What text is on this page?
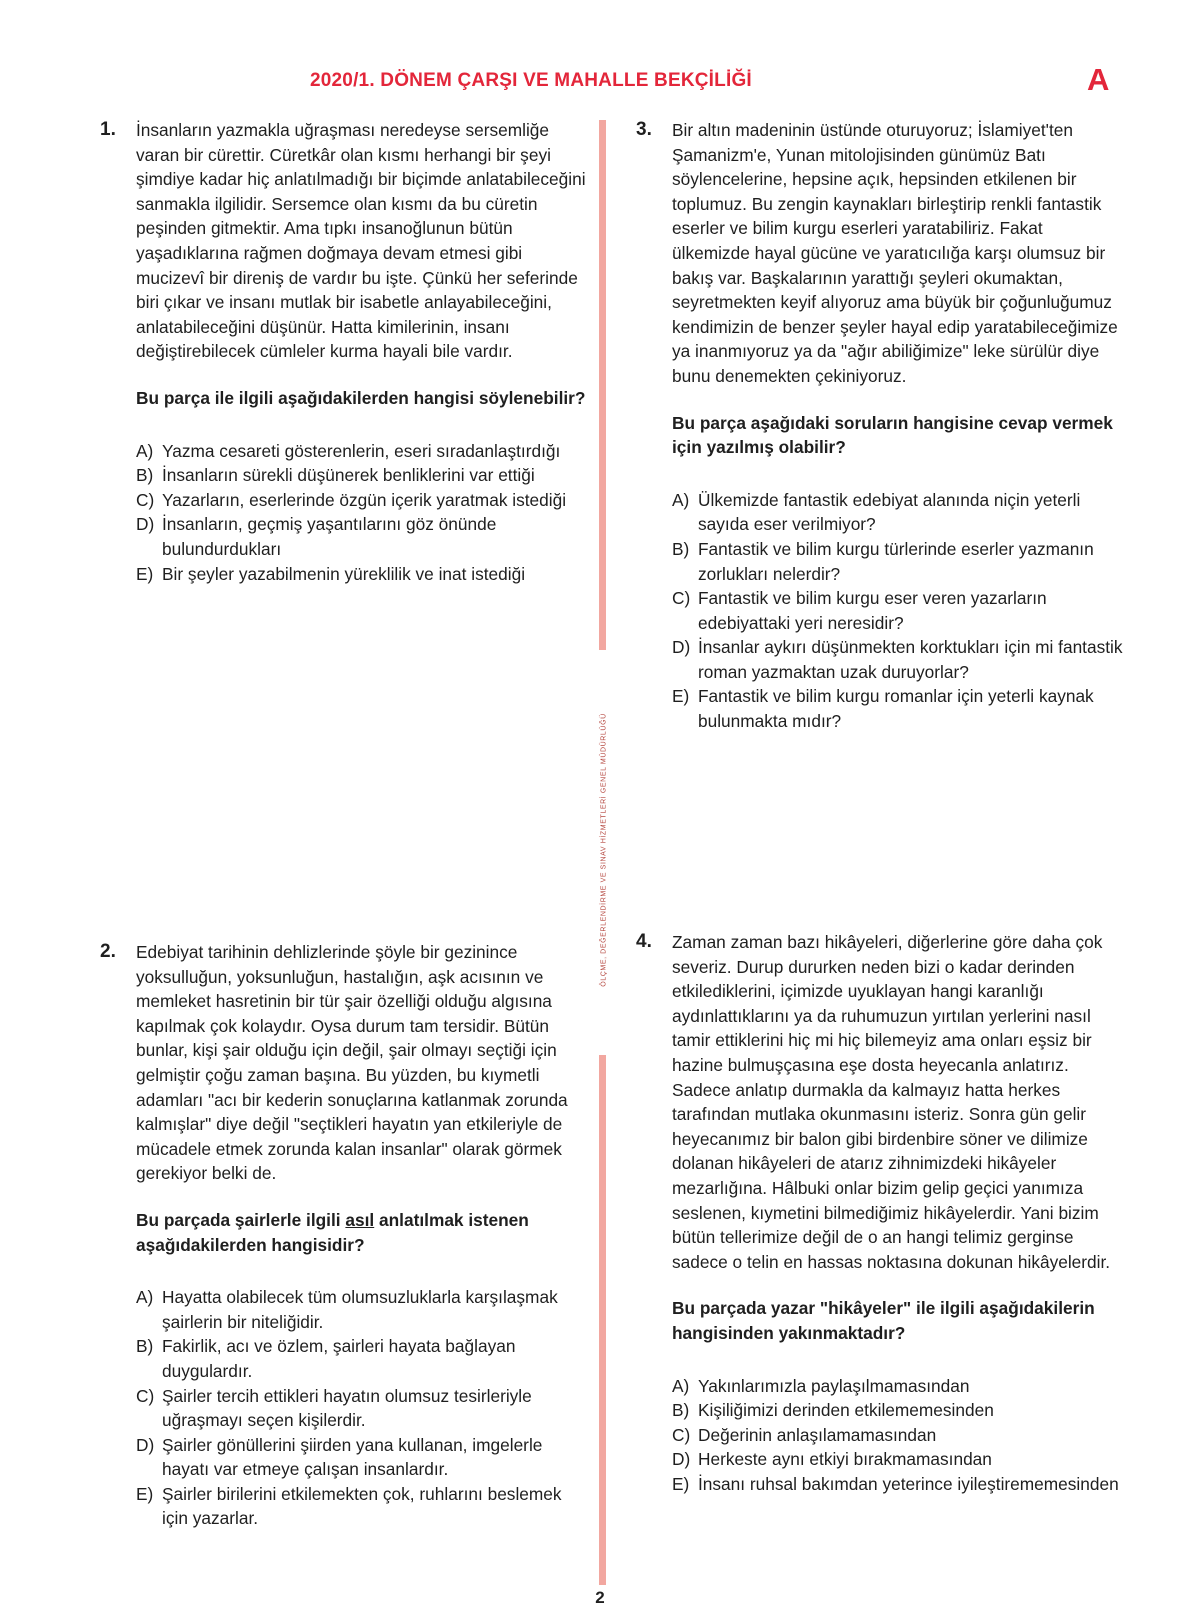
2020/1. DÖNEM ÇARŞI VE MAHALLE BEKÇİLİĞİ	A
ÖLÇME, DEĞERLENDİRME VE SINAV HİZMETLERİ GENEL MÜDÜRLÜĞÜ
1. İnsanların yazmakla uğraşması neredeyse sersemliğe varan bir cürettir. Cüretkâr olan kısmı herhangi bir şeyi şimdiye kadar hiç anlatılmadığı bir biçimde anlatabileceğini sanmakla ilgilidir. Sersemce olan kısmı da bu cüretin peşinden gitmektir. Ama tıpkı insanoğlunun bütün yaşadıklarına rağmen doğmaya devam etmesi gibi mucizevî bir direniş de vardır bu işte. Çünkü her seferinde biri çıkar ve insanı mutlak bir isabetle anlayabileceğini, anlatabileceğini düşünür. Hatta kimilerinin, insanı değiştirebilecek cümleler kurma hayali bile vardır.

Bu parça ile ilgili aşağıdakilerden hangisi söylenebilir?

A) Yazma cesareti gösterenlerin, eseri sıradanlaştırdığı
B) İnsanların sürekli düşünerek benliklerini var ettiği
C) Yazarların, eserlerinde özgün içerik yaratmak istediği
D) İnsanların, geçmiş yaşantılarını göz önünde bulundurdukları
E) Bir şeyler yazabilmenin yüreklilik ve inat istediği
2. Edebiyat tarihinin dehlizlerinde şöyle bir gezinince yoksulluğun, yoksunluğun, hastalığın, aşk acısının ve memleket hasretinin bir tür şair özelliği olduğu algısına kapılmak çok kolaydır. Oysa durum tam tersidir. Bütün bunlar, kişi şair olduğu için değil, şair olmayı seçtiği için gelmiştir çoğu zaman başına. Bu yüzden, bu kıymetli adamları "acı bir kederin sonuçlarına katlanmak zorunda kalmışlar" diye değil "seçtikleri hayatın yan etkileriyle de mücadele etmek zorunda kalan insanlar" olarak görmek gerekiyor belki de.

Bu parçada şairlerle ilgili asıl anlatılmak istenen aşağıdakilerden hangisidir?

A) Hayatta olabilecek tüm olumsuzluklarla karşılaşmak şairlerin bir niteliğidir.
B) Fakirlik, acı ve özlem, şairleri hayata bağlayan duygulardır.
C) Şairler tercih ettikleri hayatın olumsuz tesirleriyle uğraşmayı seçen kişilerdir.
D) Şairler gönüllerini şiirden yana kullanan, imgelerle hayatı var etmeye çalışan insanlardır.
E) Şairler birilerini etkilemekten çok, ruhlarını beslemek için yazarlar.
3. Bir altın madeninin üstünde oturuyoruz; İslamiyet'ten Şamanizm'e, Yunan mitolojisinden günümüz Batı söylencelerine, hepsine açık, hepsinden etkilenen bir toplumuz. Bu zengin kaynakları birleştirip renkli fantastik eserler ve bilim kurgu eserleri yaratabiliriz. Fakat ülkemizde hayal gücüne ve yaratıcılığa karşı olumsuz bir bakış var. Başkalarının yarattığı şeyleri okumaktan, seyretmekten keyif alıyoruz ama büyük bir çoğunluğumuz kendimizin de benzer şeyler hayal edip yaratabileceğimize ya inanmıyoruz ya da "ağır abiliğimize" leke sürülür diye bunu denemekten çekiniyoruz.

Bu parça aşağıdaki soruların hangisine cevap vermek için yazılmış olabilir?

A) Ülkemizde fantastik edebiyat alanında niçin yeterli sayıda eser verilmiyor?
B) Fantastik ve bilim kurgu türlerinde eserler yazmanın zorlukları nelerdir?
C) Fantastik ve bilim kurgu eser veren yazarların edebiyattaki yeri neresidir?
D) İnsanlar aykırı düşünmekten korktukları için mi fantastik roman yazmaktan uzak duruyorlar?
E) Fantastik ve bilim kurgu romanlar için yeterli kaynak bulunmakta mıdır?
4. Zaman zaman bazı hikâyeleri, diğerlerine göre daha çok severiz. Durup dururken neden bizi o kadar derinden etkilediklerini, içimizde uyuklayan hangi karanlığı aydınlattıklarını ya da ruhumuzun yırtılan yerlerini nasıl tamir ettiklerini hiç mi hiç bilemeyiz ama onları eşsiz bir hazine bulmuşçasına eşe dosta heyecanla anlatırız. Sadece anlatıp durmakla da kalmayız hatta herkes tarafından mutlaka okunmasını isteriz. Sonra gün gelir heyecanımız bir balon gibi birdenbire söner ve dilimize dolanan hikâyeleri de atarız zihnimizdeki hikâyeler mezarlığına. Hâlbuki onlar bizim gelip geçici yanımıza seslenen, kıymetini bilmediğimiz hikâyelerdir. Yani bizim bütün tellerimize değil de o an hangi telimiz gerginse sadece o telin en hassas noktasına dokunan hikâyelerdir.

Bu parçada yazar "hikâyeler" ile ilgili aşağıdakilerin hangisinden yakınmaktadır?

A) Yakınlarımızla paylaşılmamasından
B) Kişiliğimizi derinden etkilememesinden
C) Değerinin anlaşılamamasından
D) Herkeste aynı etkiyi bırakmamasından
E) İnsanı ruhsal bakımdan yeterince iyileştirememesinden
2
